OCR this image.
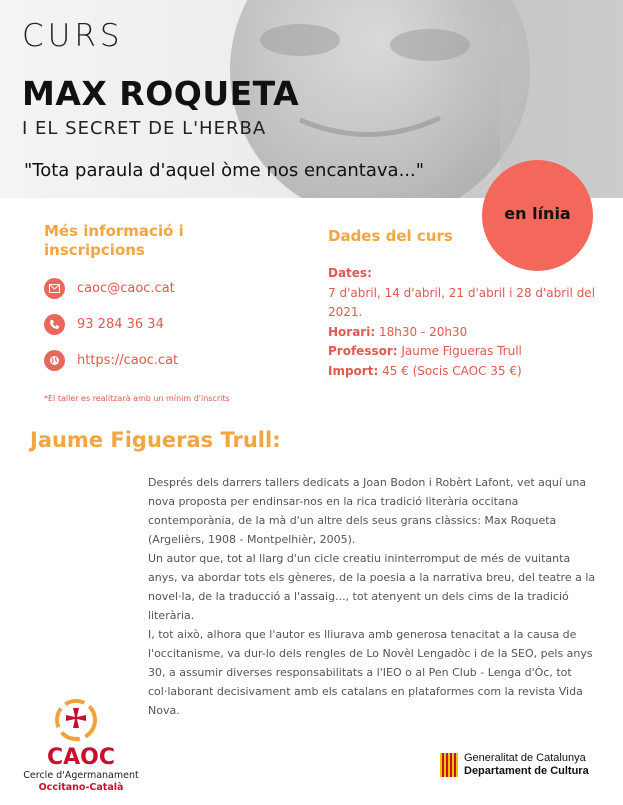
CURS
MAX ROQUETA
I EL SECRET DE L'HERBA
"Tota paraula d'aquel òme nos encantava..."
en línia
Més informació i inscripcions
caoc@caoc.cat
93 284 36 34
https://caoc.cat
*El taller es realitzarà amb un mínim d'inscrits
Dades del curs
Dates:
7 d'abril, 14 d'abril, 21 d'abril i 28 d'abril del 2021.
Horari: 18h30 - 20h30
Professor: Jaume Figueras Trull
Import: 45 € (Socis CAOC 35 €)
Jaume Figueras Trull:

Després dels darrers tallers dedicats a Joan Bodon i Robèrt Lafont, vet aquí una nova proposta per endinsar-nos en la rica tradició literària occitana contemporània, de la mà d'un altre dels seus grans clàssics: Max Roqueta (Argelièrs, 1908 - Montpelhièr, 2005).

Un autor que, tot al llarg d'un cicle creatiu ininterromput de més de vuitanta anys, va abordar tots els gèneres, de la poesia a la narrativa breu, del teatre a la novel·la, de la traducció a l'assaig..., tot atenyent un dels cims de la tradició literària.

I, tot això, alhora que l'autor es lliurava amb generosa tenacitat a la causa de l'occitanisme, va dur-lo dels rengles de Lo Novèl Lengadòc i de la SEO, pels anys 30, a assumir diverses responsabilitats a l'IEO o al Pen Club - Lenga d'Òc, tot col·laborant decisivament amb els catalans en plataformes com la revista Vida Nova.

CAOC
Cercle d'Agermanament
Occitano-Català
Generalitat de Catalunya
Departament de Cultura
